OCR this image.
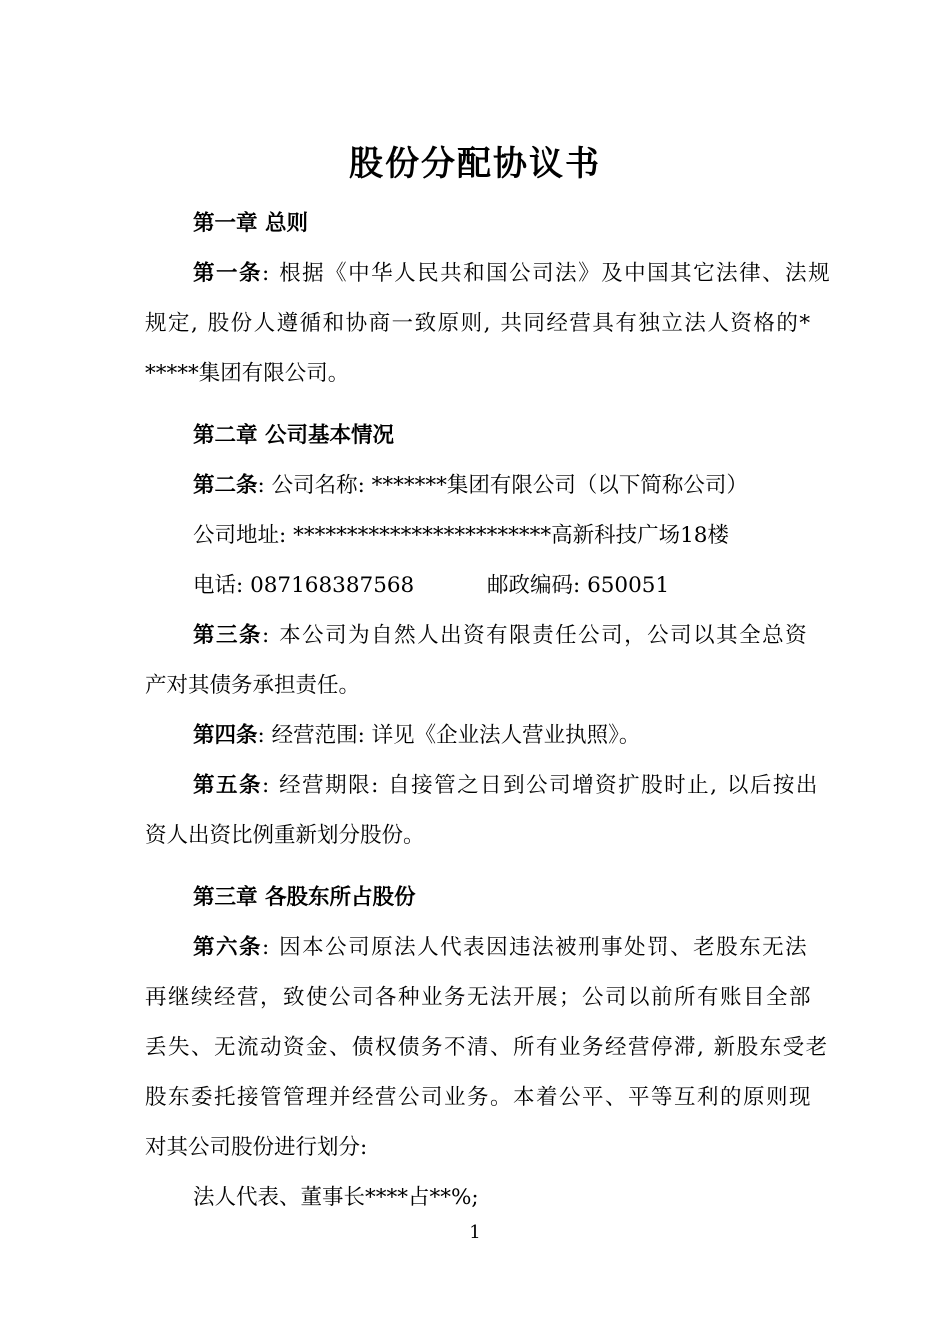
股份分配协议书
第一章 总则
第一条: 根据《中华人民共和国公司法》及中国其它法律、法规
规定, 股份人遵循和协商一致原则, 共同经营具有独立法人资格的*
*****集团有限公司。
第二章 公司基本情况
第二条: 公司名称: *******集团有限公司（以下简称公司）
公司地址: ************************高新科技广场18楼
电话: 087168387568	邮政编码: 650051
第三条: 本公司为自然人出资有限责任公司，公司以其全总资
产对其债务承担责任。
第四条: 经营范围: 详见《企业法人营业执照》。
第五条: 经营期限: 自接管之日到公司增资扩股时止, 以后按出
资人出资比例重新划分股份。
第三章 各股东所占股份
第六条: 因本公司原法人代表因违法被刑事处罚、老股东无法
再继续经营，致使公司各种业务无法开展；公司以前所有账目全部
丢失、无流动资金、债权债务不清、所有业务经营停滞, 新股东受老
股东委托接管管理并经营公司业务。本着公平、平等互利的原则现
对其公司股份进行划分:
法人代表、董事长****占**%;
1
